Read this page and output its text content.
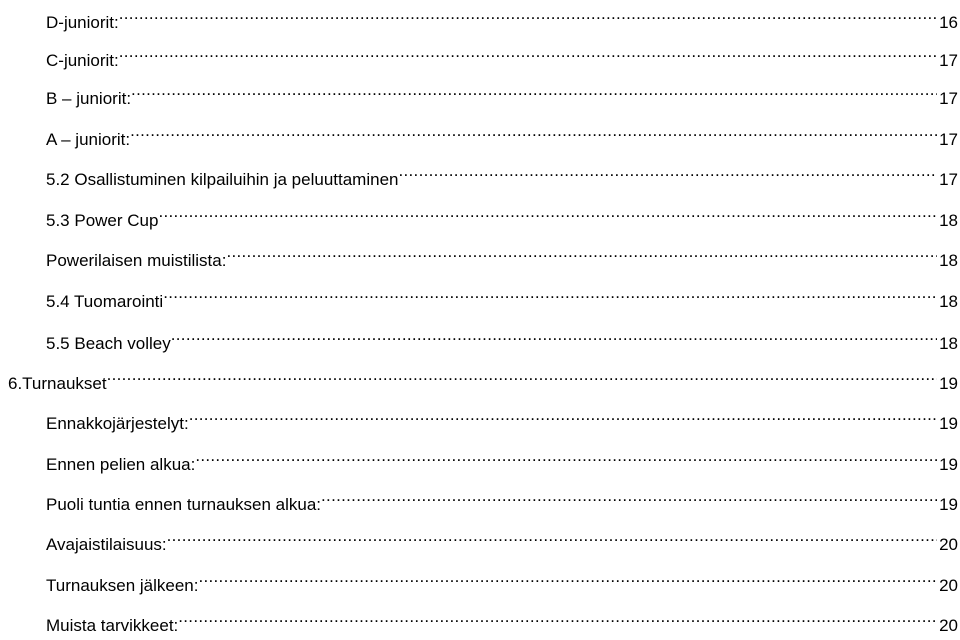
D-juniorit: .....	16
C-juniorit: .....	17
B – juniorit: .....	17
A – juniorit: .....	17
5.2 Osallistuminen kilpailuihin ja peluuttaminen .....	17
5.3 Power Cup .....	18
Powerilaisen muistilista: .....	18
5.4 Tuomarointi .....	18
5.5 Beach volley .....	18
6.Turnaukset .....	19
Ennakkojärjestelyt: .....	19
Ennen pelien alkua: .....	19
Puoli tuntia ennen turnauksen alkua: .....	19
Avajaistilaisuus: .....	20
Turnauksen jälkeen: .....	20
Muista tarvikkeet: .....	20
